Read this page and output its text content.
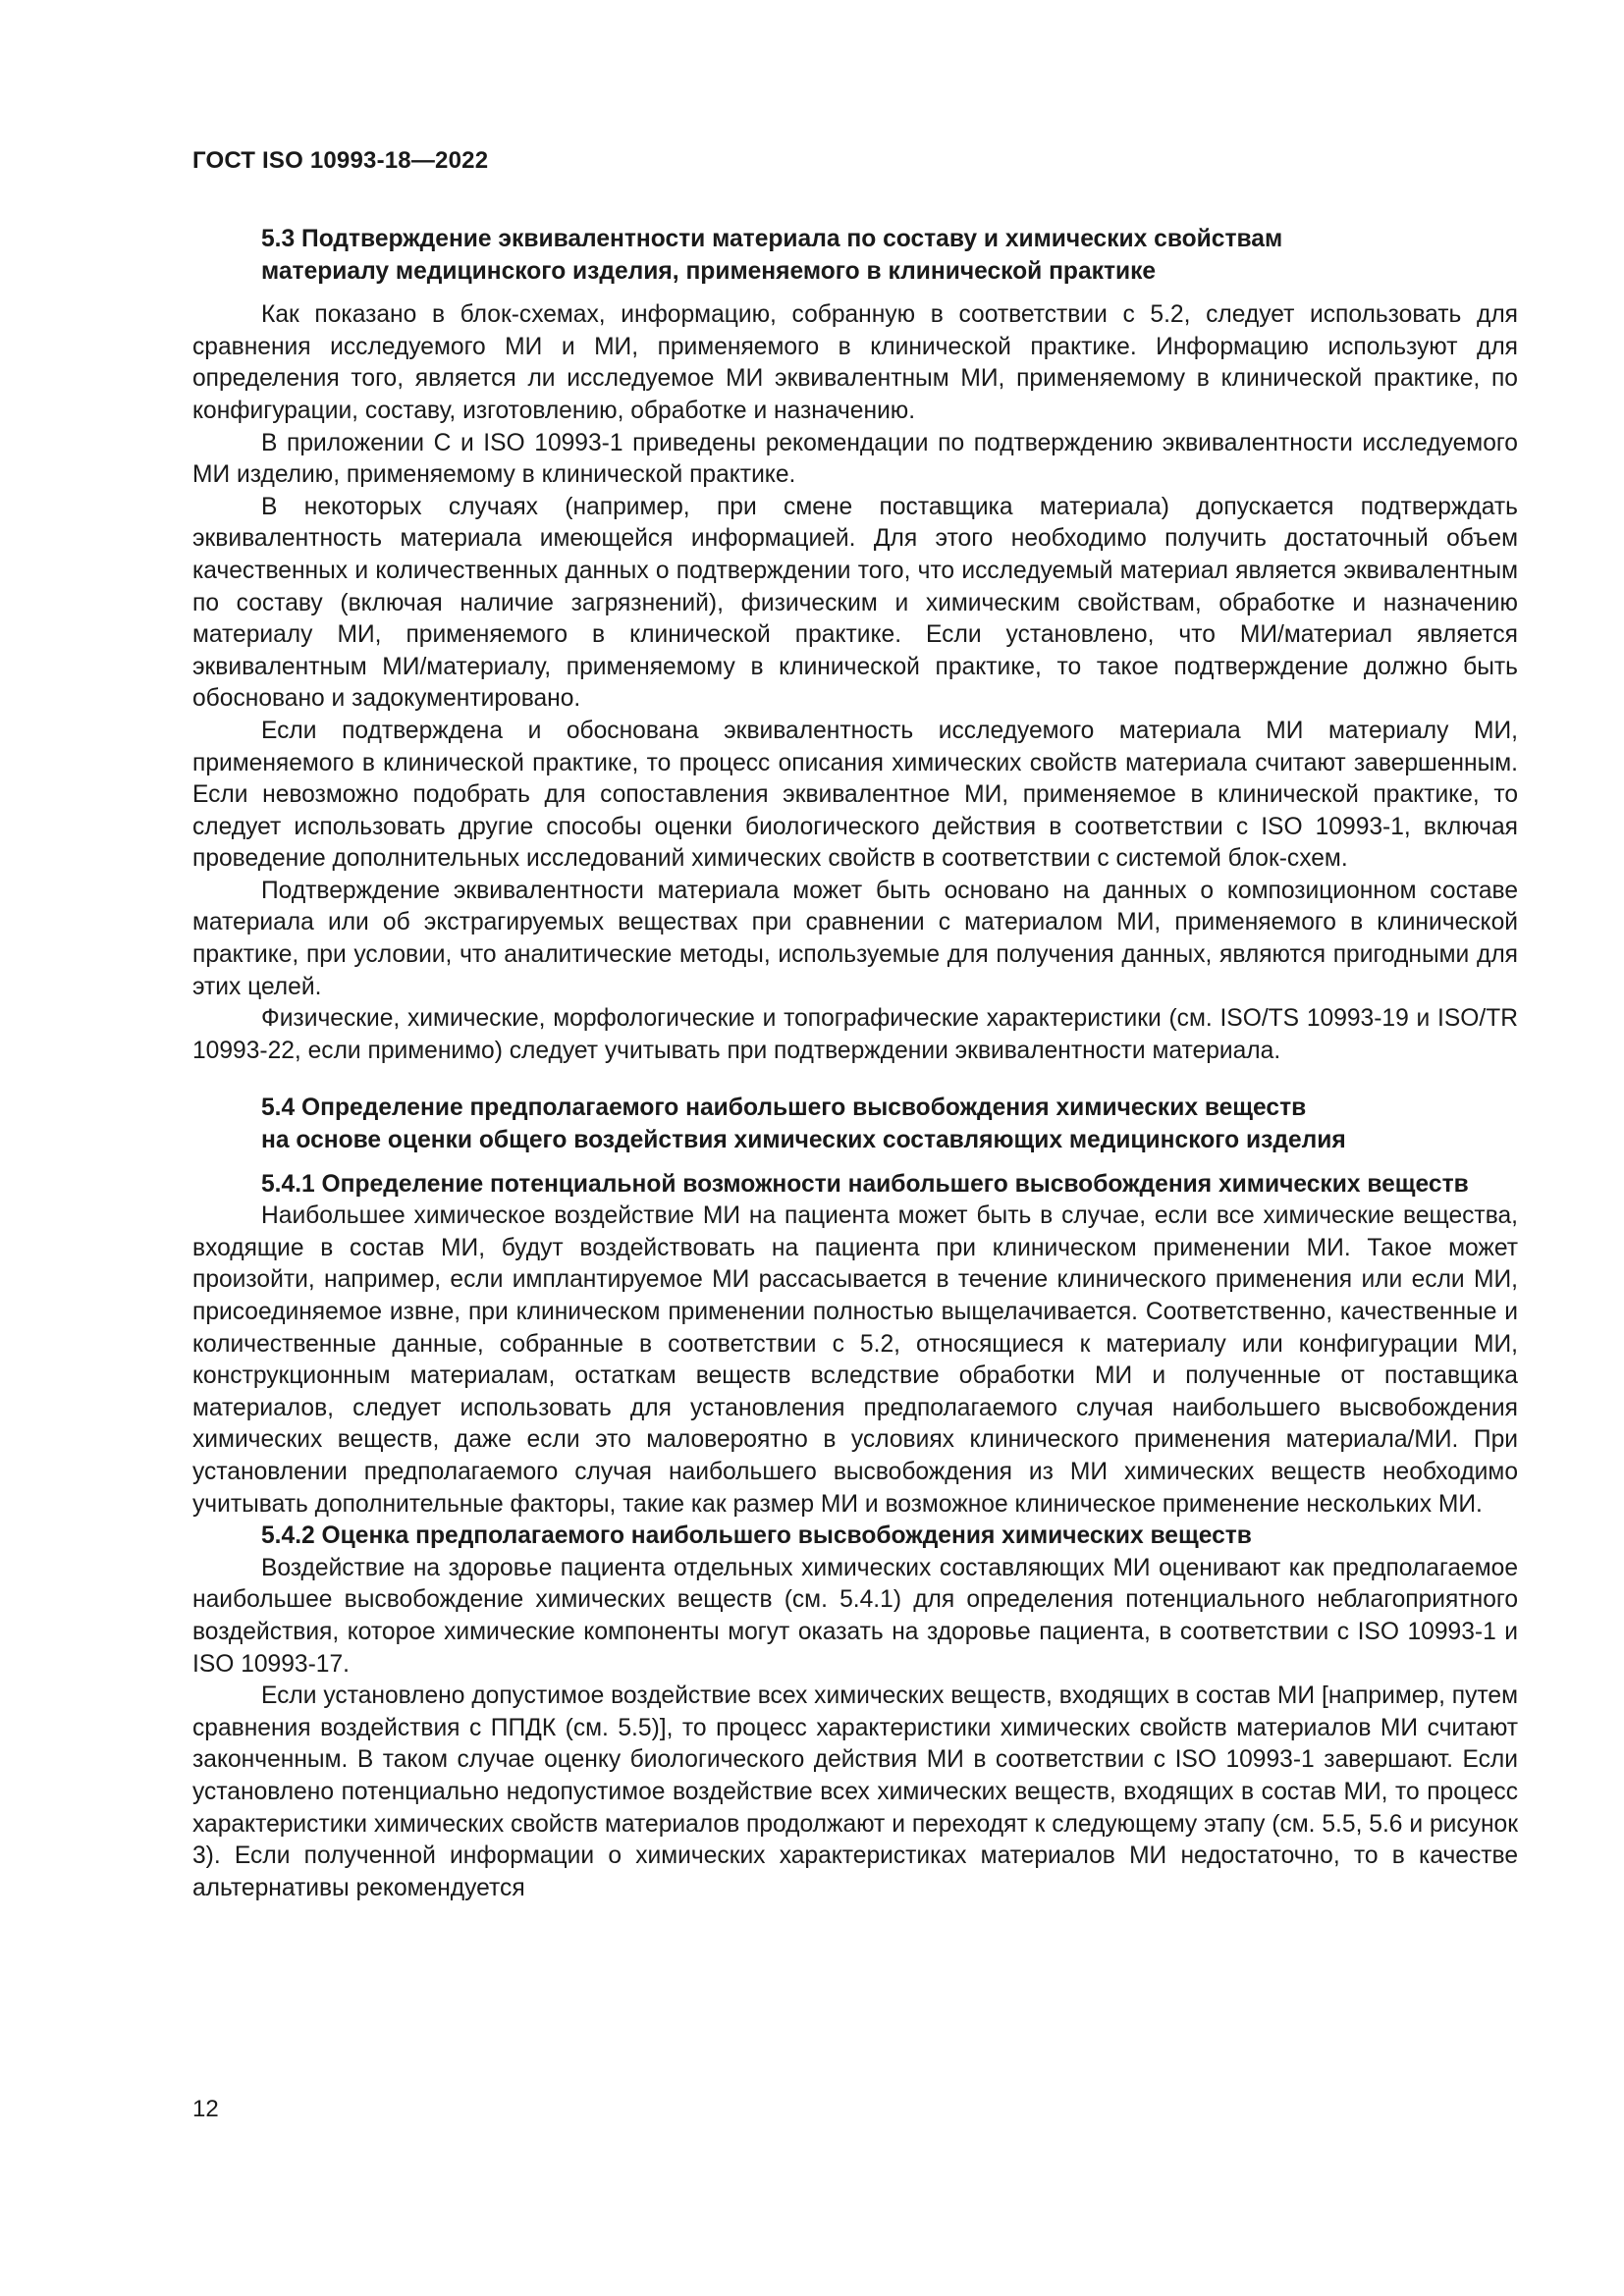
ГОСТ ISO 10993-18—2022
5.3 Подтверждение эквивалентности материала по составу и химических свойствам
материалу медицинского изделия, применяемого в клинической практике

Как показано в блок-схемах, информацию, собранную в соответствии с 5.2, следует использовать для сравнения исследуемого МИ и МИ, применяемого в клинической практике. Информацию используют для определения того, является ли исследуемое МИ эквивалентным МИ, применяемому в клинической практике, по конфигурации, составу, изготовлению, обработке и назначению.

В приложении С и ISO 10993-1 приведены рекомендации по подтверждению эквивалентности исследуемого МИ изделию, применяемому в клинической практике.

В некоторых случаях (например, при смене поставщика материала) допускается подтверждать эквивалентность материала имеющейся информацией. Для этого необходимо получить достаточный объем качественных и количественных данных о подтверждении того, что исследуемый материал является эквивалентным по составу (включая наличие загрязнений), физическим и химическим свойствам, обработке и назначению материалу МИ, применяемого в клинической практике. Если установлено, что МИ/материал является эквивалентным МИ/материалу, применяемому в клинической практике, то такое подтверждение должно быть обосновано и задокументировано.

Если подтверждена и обоснована эквивалентность исследуемого материала МИ материалу МИ, применяемого в клинической практике, то процесс описания химических свойств материала считают завершенным. Если невозможно подобрать для сопоставления эквивалентное МИ, применяемое в клинической практике, то следует использовать другие способы оценки биологического действия в соответствии с ISO 10993-1, включая проведение дополнительных исследований химических свойств в соответствии с системой блок-схем.

Подтверждение эквивалентности материала может быть основано на данных о композиционном составе материала или об экстрагируемых веществах при сравнении с материалом МИ, применяемого в клинической практике, при условии, что аналитические методы, используемые для получения данных, являются пригодными для этих целей.

Физические, химические, морфологические и топографические характеристики (см. ISO/TS 10993-19 и ISO/TR 10993-22, если применимо) следует учитывать при подтверждении эквивалентности материала.

5.4 Определение предполагаемого наибольшего высвобождения химических веществ
на основе оценки общего воздействия химических составляющих медицинского изделия
5.4.1 Определение потенциальной возможности наибольшего высвобождения химических веществ

Наибольшее химическое воздействие МИ на пациента может быть в случае, если все химические вещества, входящие в состав МИ, будут воздействовать на пациента при клиническом применении МИ. Такое может произойти, например, если имплантируемое МИ рассасывается в течение клинического применения или если МИ, присоединяемое извне, при клиническом применении полностью выщелачивается. Соответственно, качественные и количественные данные, собранные в соответствии с 5.2, относящиеся к материалу или конфигурации МИ, конструкционным материалам, остаткам веществ вследствие обработки МИ и полученные от поставщика материалов, следует использовать для установления предполагаемого случая наибольшего высвобождения химических веществ, даже если это маловероятно в условиях клинического применения материала/МИ. При установлении предполагаемого случая наибольшего высвобождения из МИ химических веществ необходимо учитывать дополнительные факторы, такие как размер МИ и возможное клиническое применение нескольких МИ.

5.4.2 Оценка предполагаемого наибольшего высвобождения химических веществ

Воздействие на здоровье пациента отдельных химических составляющих МИ оценивают как предполагаемое наибольшее высвобождение химических веществ (см. 5.4.1) для определения потенциального неблагоприятного воздействия, которое химические компоненты могут оказать на здоровье пациента, в соответствии с ISO 10993-1 и ISO 10993-17.

Если установлено допустимое воздействие всех химических веществ, входящих в состав МИ [например, путем сравнения воздействия с ППДК (см. 5.5)], то процесс характеристики химических свойств материалов МИ считают законченным. В таком случае оценку биологического действия МИ в соответствии с ISO 10993-1 завершают. Если установлено потенциально недопустимое воздействие всех химических веществ, входящих в состав МИ, то процесс характеристики химических свойств материалов продолжают и переходят к следующему этапу (см. 5.5, 5.6 и рисунок 3). Если полученной информации о химических характеристиках материалов МИ недостаточно, то в качестве альтернативы рекомендуется

12
